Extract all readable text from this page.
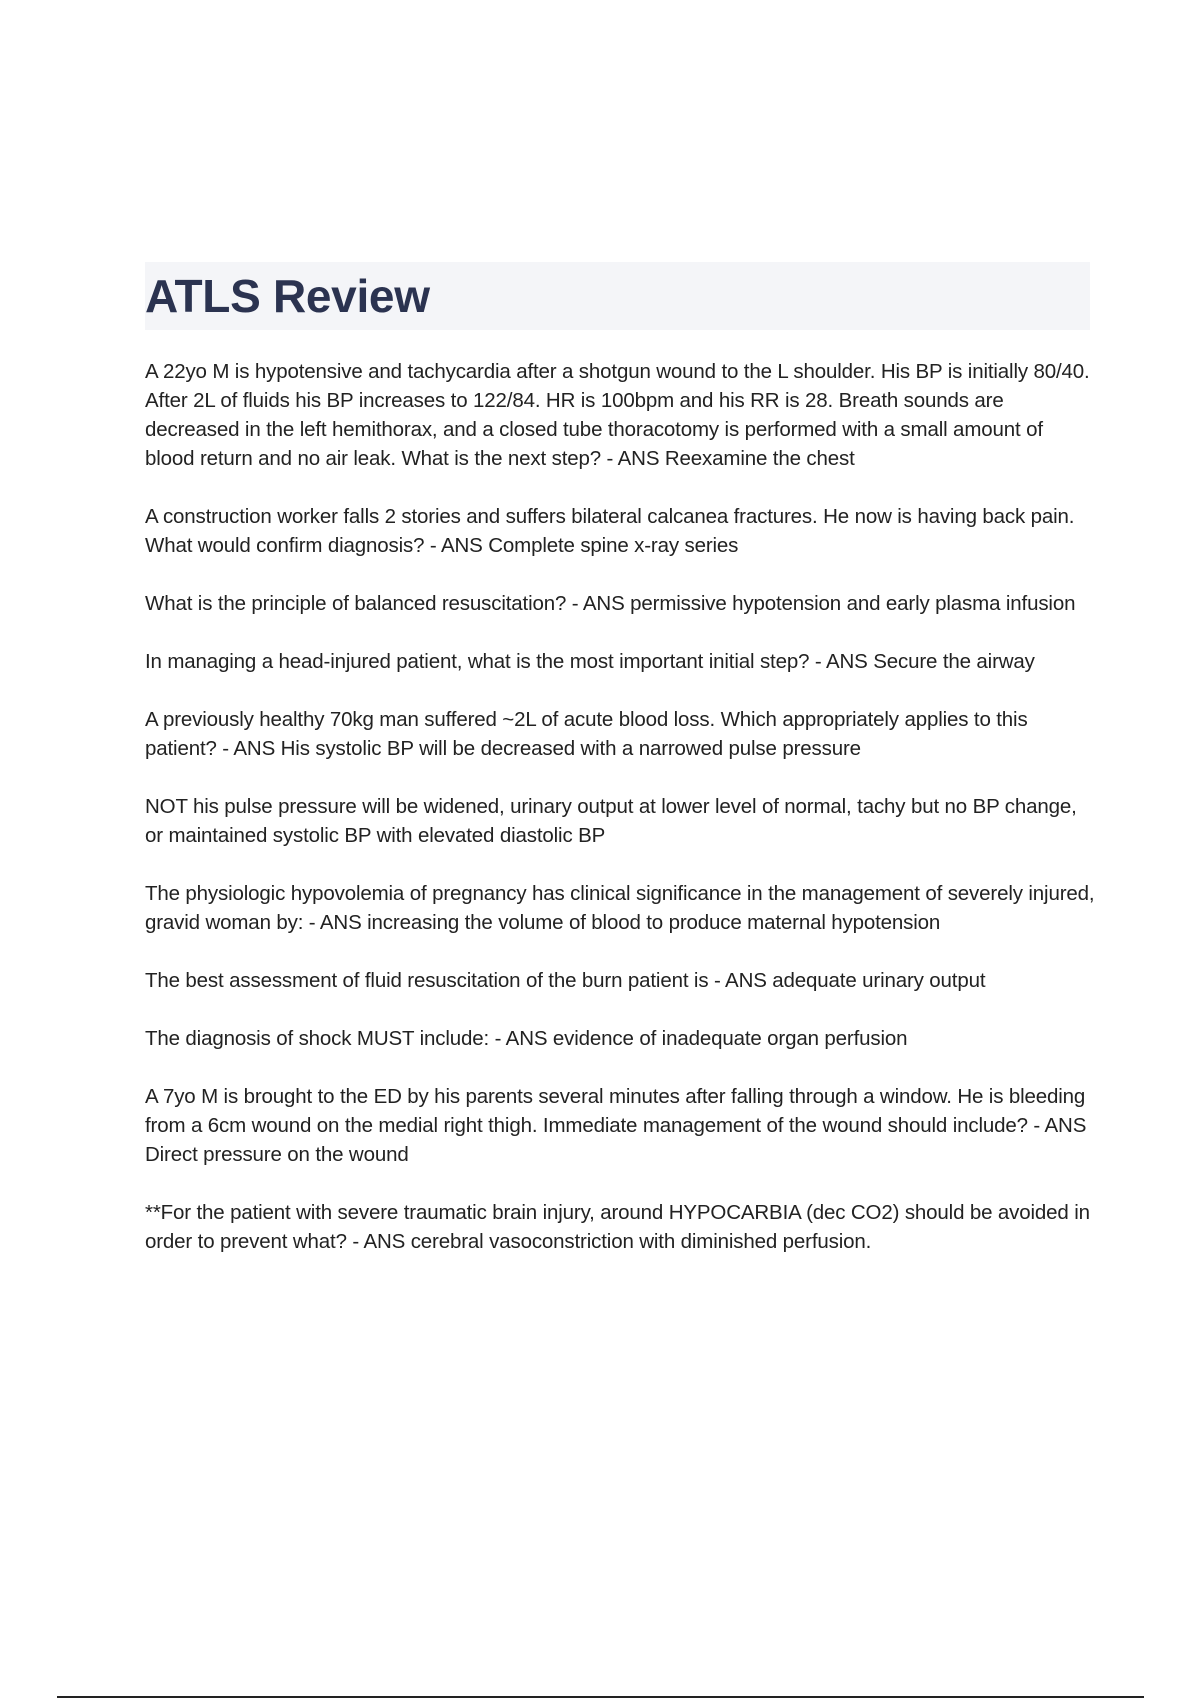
ATLS Review

A 22yo M is hypotensive and tachycardia after a shotgun wound to the L shoulder. His BP is initially 80/40. After 2L of fluids his BP increases to 122/84. HR is 100bpm and his RR is 28. Breath sounds are decreased in the left hemithorax, and a closed tube thoracotomy is performed with a small amount of blood return and no air leak. What is the next step? - ANS Reexamine the chest

A construction worker falls 2 stories and suffers bilateral calcanea fractures. He now is having back pain. What would confirm diagnosis? - ANS Complete spine x-ray series

What is the principle of balanced resuscitation? - ANS permissive hypotension and early plasma infusion

In managing a head-injured patient, what is the most important initial step? - ANS Secure the airway

A previously healthy 70kg man suffered ~2L of acute blood loss. Which appropriately applies to this patient? - ANS His systolic BP will be decreased with a narrowed pulse pressure

NOT his pulse pressure will be widened, urinary output at lower level of normal, tachy but no BP change, or maintained systolic BP with elevated diastolic BP

The physiologic hypovolemia of pregnancy has clinical significance in the management of severely injured, gravid woman by: - ANS increasing the volume of blood to produce maternal hypotension

The best assessment of fluid resuscitation of the burn patient is - ANS adequate urinary output

The diagnosis of shock MUST include: - ANS evidence of inadequate organ perfusion

A 7yo M is brought to the ED by his parents several minutes after falling through a window. He is bleeding from a 6cm wound on the medial right thigh. Immediate management of the wound should include? - ANS Direct pressure on the wound

**For the patient with severe traumatic brain injury, around HYPOCARBIA (dec CO2) should be avoided in order to prevent what? - ANS cerebral vasoconstriction with diminished perfusion.
